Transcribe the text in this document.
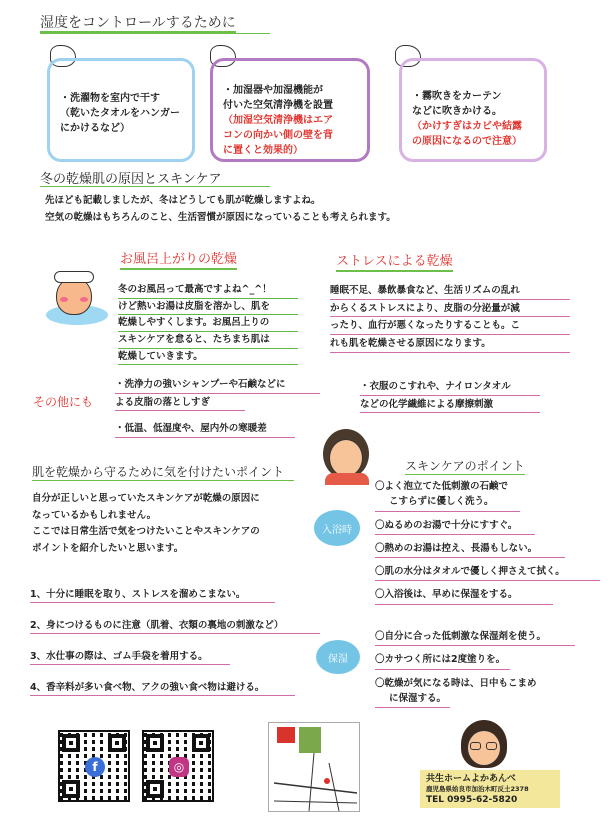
湿度をコントロールするために
・洗濯物を室内で干す
（乾いたタオルをハンガー
にかけるなど）
・加湿器や加湿機能が
付いた空気清浄機を設置
（加湿空気清浄機はエア
コンの向かい側の壁を背
に置くと効果的）
・霧吹きをカーテン
などに吹きかける。
（かけすぎはカビや結露
の原因になるので注意）
冬の乾燥肌の原因とスキンケア
先ほども記載しましたが、冬はどうしても肌が乾燥しますよね。
空気の乾燥はもちろんのこと、生活習慣が原因になっていることも考えられます。
お風呂上がりの乾燥

冬のお風呂って最高ですよね^_^！

けど熱いお湯は皮脂を溶かし、肌を

乾燥しやすくします。お風呂上りの

スキンケアを怠ると、たちまち肌は

乾燥していきます。

ストレスによる乾燥

睡眠不足、暴飲暴食など、生活リズムの乱れ

からくるストレスにより、皮脂の分泌量が減

ったり、血行が悪くなったりすることも。こ

れも肌を乾燥させる原因になります。

その他にも

・洗浄力の強いシャンプーや石鹸などに

よる皮脂の落としすぎ

・低温、低湿度や、屋内外の寒暖差

・衣服のこすれや、ナイロンタオル

などの化学繊維による摩擦刺激

肌を乾燥から守るために気を付けたいポイント
自分が正しいと思っていたスキンケアが乾燥の原因に
なっているかもしれません。
ここでは日常生活で気をつけたいことやスキンケアの
ポイントを紹介したいと思います。
1、十分に睡眠を取り、ストレスを溜めこまない。
2、身につけるものに注意（肌着、衣類の裏地の刺激など）
3、水仕事の際は、ゴム手袋を着用する。
4、香辛料が多い食べ物、アクの強い食べ物は避ける。
スキンケアのポイント
入浴時
保湿
〇よく泡立てた低刺激の石鹸で
こすらずに優しく洗う。
〇ぬるめのお湯で十分にすすぐ。
〇熱めのお湯は控え、長湯もしない。
〇肌の水分はタオルで優しく押さえて拭く。
〇入浴後は、早めに保湿をする。
〇自分に合った低刺激な保湿剤を使う。
〇カサつく所には2度塗りを。
〇乾燥が気になる時は、日中もこまめ
に保湿する。
f	◎
共生ホームよかあんべ
鹿児島県姶良市加治木町反土2378
TEL 0995-62-5820
